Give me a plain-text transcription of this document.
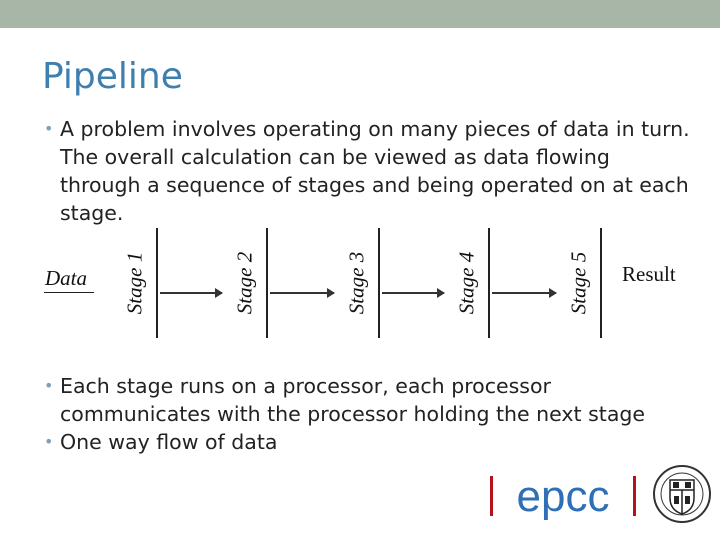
Pipeline
• A problem involves operating on many pieces of data in turn. The overall calculation can be viewed as data flowing through a sequence of stages and being operated on at each stage.
Data Stage 1	Stage 2	Stage 3	Stage 4	Stage 5 Result
• Each stage runs on a processor, each processor communicates with the processor holding the next stage
• One way flow of data
epcc
